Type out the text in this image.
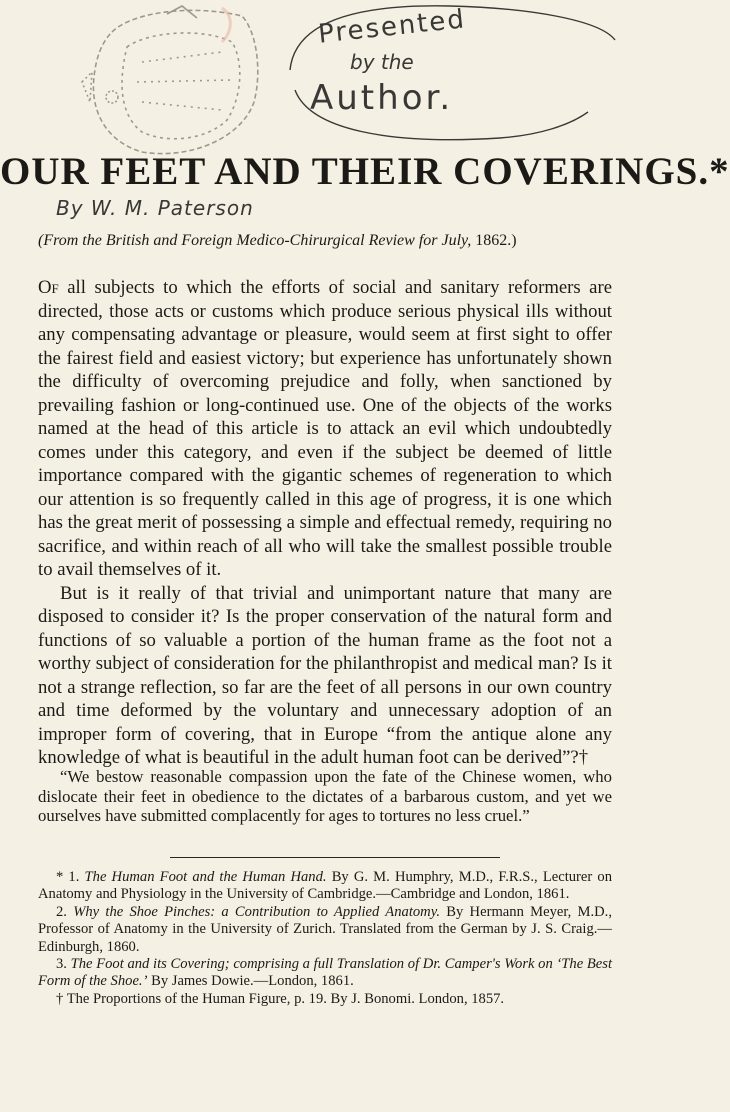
Presented
by the
Author.
OUR FEET AND THEIR COVERINGS.*
By W. M. Paterson
(From the British and Foreign Medico-Chirurgical Review for July, 1862.)

Of all subjects to which the efforts of social and sanitary reformers are directed, those acts or customs which produce serious physical ills without any compensating advantage or pleasure, would seem at first sight to offer the fairest field and easiest victory; but experience has unfortunately shown the difficulty of overcoming prejudice and folly, when sanctioned by prevailing fashion or long-continued use. One of the objects of the works named at the head of this article is to attack an evil which undoubtedly comes under this category, and even if the subject be deemed of little importance compared with the gigantic schemes of regeneration to which our attention is so frequently called in this age of progress, it is one which has the great merit of possessing a simple and effectual remedy, requiring no sacrifice, and within reach of all who will take the smallest possible trouble to avail themselves of it.

But is it really of that trivial and unimportant nature that many are disposed to consider it? Is the proper conservation of the natural form and functions of so valuable a portion of the human frame as the foot not a worthy subject of consideration for the philanthropist and medical man? Is it not a strange reflection, so far are the feet of all persons in our own country and time deformed by the voluntary and unnecessary adoption of an improper form of covering, that in Europe “from the antique alone any knowledge of what is beautiful in the adult human foot can be derived”?†

“We bestow reasonable compassion upon the fate of the Chinese women, who dislocate their feet in obedience to the dictates of a barbarous custom, and yet we ourselves have submitted complacently for ages to tortures no less cruel.”

* 1. The Human Foot and the Human Hand. By G. M. Humphry, M.D., F.R.S., Lecturer on Anatomy and Physiology in the University of Cambridge.—Cambridge and London, 1861.

2. Why the Shoe Pinches: a Contribution to Applied Anatomy. By Hermann Meyer, M.D., Professor of Anatomy in the University of Zurich. Translated from the German by J. S. Craig.—Edinburgh, 1860.

3. The Foot and its Covering; comprising a full Translation of Dr. Camper's Work on ‘The Best Form of the Shoe.’ By James Dowie.—London, 1861.

† The Proportions of the Human Figure, p. 19. By J. Bonomi. London, 1857.
